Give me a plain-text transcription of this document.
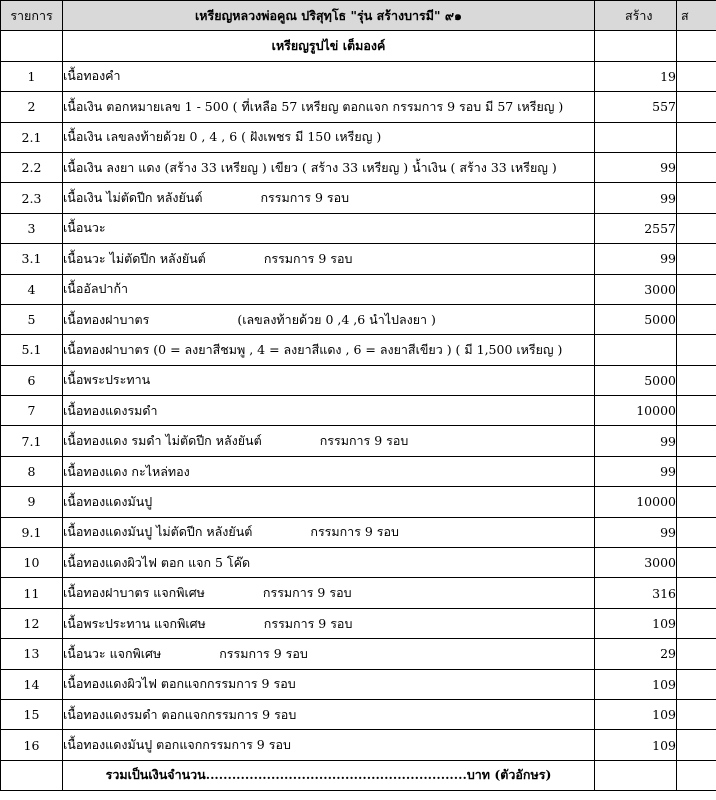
รายการ	เหรียญหลวงพ่อคูณ ปริสุทฺโธ "รุ่น สร้างบารมี" ๙๑	สร้าง	ส
	เหรียญรูปไข่ เต็มองค์		
1	เนื้อทองคำ	19	
2	เนื้อเงิน ตอกหมายเลข 1 - 500 ( ที่เหลือ 57 เหรียญ ตอกแจก กรรมการ 9 รอบ มี 57 เหรียญ )	557	
2.1	เนื้อเงิน เลขลงท้ายด้วย 0 , 4 , 6 ( ฝังเพชร มี 150 เหรียญ )		
2.2	เนื้อเงิน ลงยา แดง (สร้าง 33 เหรียญ ) เขียว ( สร้าง 33 เหรียญ ) น้ำเงิน ( สร้าง 33 เหรียญ )	99	
2.3	เนื้อเงิน ไม่ตัดปีก หลังยันต์ กรรมการ 9 รอบ	99	
3	เนื้อนวะ	2557	
3.1	เนื้อนวะ ไม่ตัดปีก หลังยันต์ กรรมการ 9 รอบ	99	
4	เนื้ออัลปาก้า	3000	
5	เนื้อทองฝาบาตร (เลขลงท้ายด้วย 0 ,4 ,6 นำไปลงยา )	5000	
5.1	เนื้อทองฝาบาตร (0 = ลงยาสีชมพู , 4 = ลงยาสีแดง , 6 = ลงยาสีเขียว ) ( มี 1,500 เหรียญ )		
6	เนื้อพระประทาน	5000	
7	เนื้อทองแดงรมดำ	10000	
7.1	เนื้อทองแดง รมดำ ไม่ตัดปีก หลังยันต์ กรรมการ 9 รอบ	99	
8	เนื้อทองแดง กะไหล่ทอง	99	
9	เนื้อทองแดงมันปู	10000	
9.1	เนื้อทองแดงมันปู ไม่ตัดปีก หลังยันต์ กรรมการ 9 รอบ	99	
10	เนื้อทองแดงผิวไฟ ตอก แจก 5 โค๊ด	3000	
11	เนื้อทองฝาบาตร แจกพิเศษ กรรมการ 9 รอบ	316	
12	เนื้อพระประทาน แจกพิเศษ กรรมการ 9 รอบ	109	
13	เนื้อนวะ แจกพิเศษ กรรมการ 9 รอบ	29	
14	เนื้อทองแดงผิวไฟ ตอกแจกกรรมการ 9 รอบ	109	
15	เนื้อทองแดงรมดำ ตอกแจกกรรมการ 9 รอบ	109	
16	เนื้อทองแดงมันปู ตอกแจกกรรมการ 9 รอบ	109	
	รวมเป็นเงินจำนวน............................................................บาท (ตัวอักษร)		
